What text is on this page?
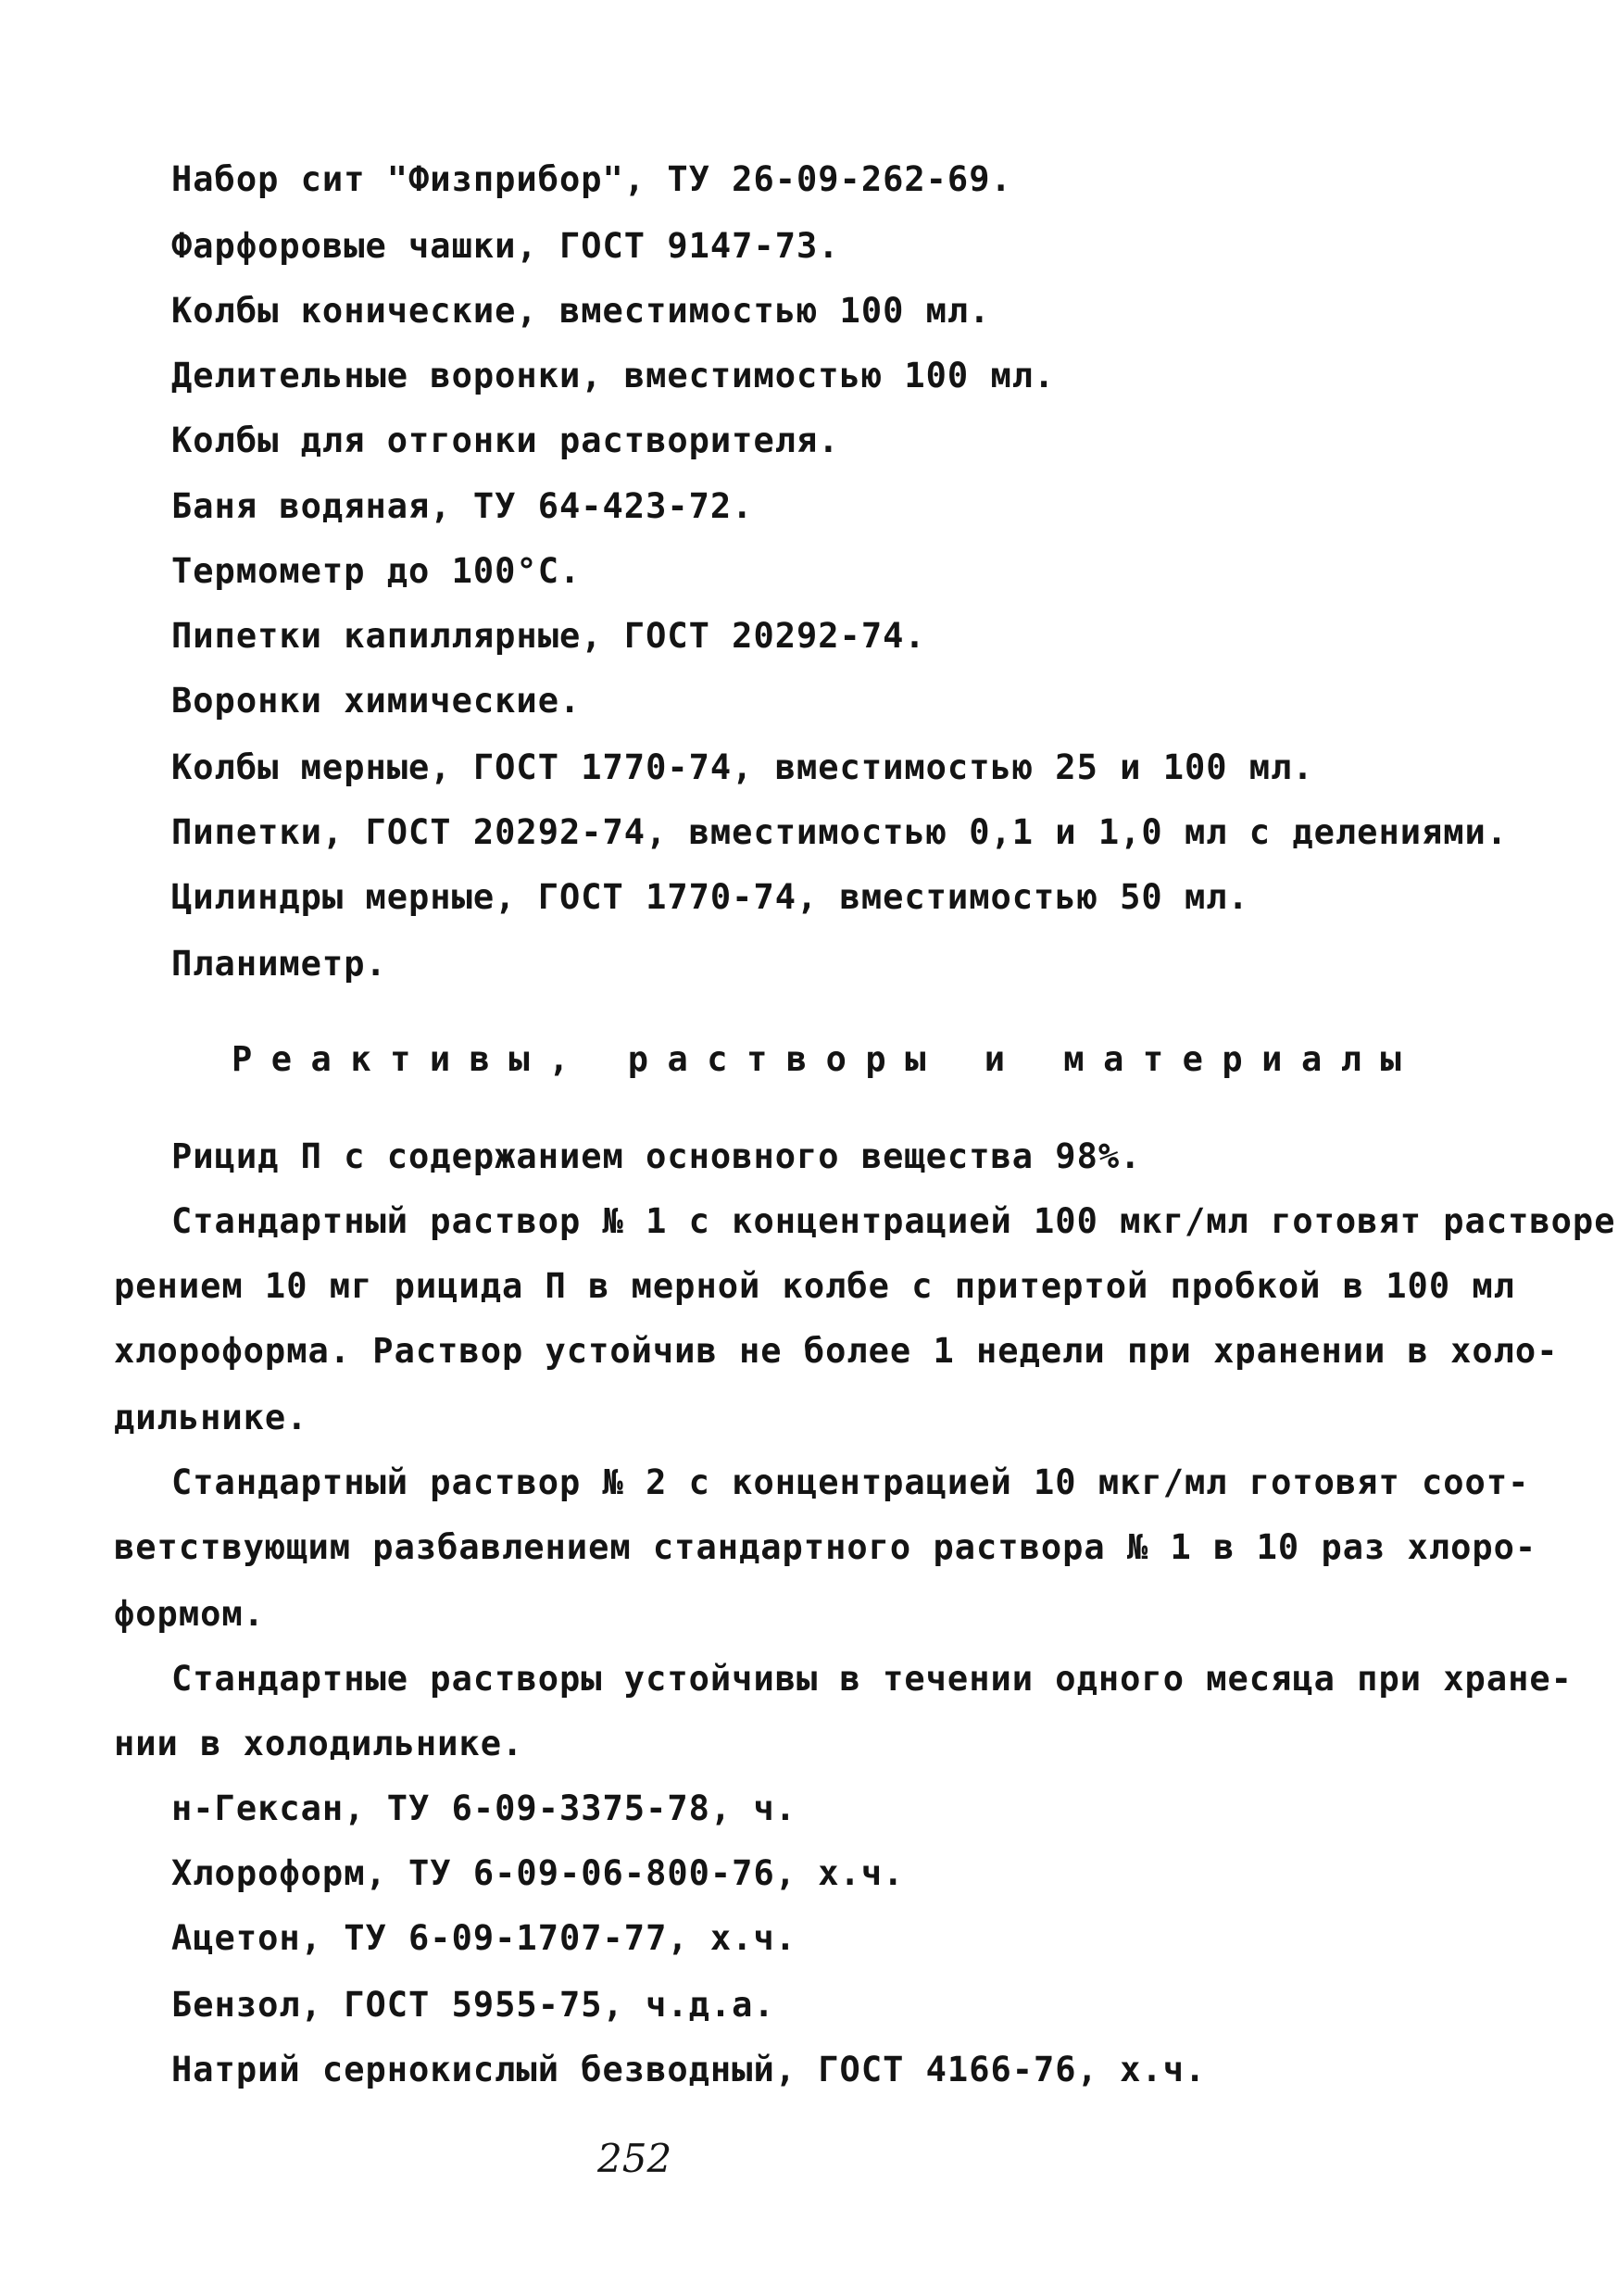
Набор сит "Физприбор", ТУ 26-09-262-69.
Фарфоровые чашки, ГОСТ 9147-73.
Колбы конические, вместимостью 100 мл.
Делительные воронки, вместимостью 100 мл.
Колбы для отгонки растворителя.
Баня водяная, ТУ 64-423-72.
Термометр до 100°С.
Пипетки капиллярные, ГОСТ 20292-74.
Воронки химические.
Колбы мерные, ГОСТ 1770-74, вместимостью 25 и 100 мл.
Пипетки, ГОСТ 20292-74, вместимостью 0,1 и 1,0 мл с делениями.
Цилиндры мерные, ГОСТ 1770-74, вместимостью 50 мл.
Планиметр.
Реактивы, растворы и материалы
Рицид П с содержанием основного вещества 98%.
Стандартный раствор № 1 с концентрацией 100 мкг/мл готовят раствоpe
рением 10 мг рицида П в мерной колбе с притертой пробкой в 100 мл
хлороформа. Раствор устойчив не более 1 недели при хранении в холо-
дильнике.
Стандартный раствор № 2 с концентрацией 10 мкг/мл готовят соот-
ветствующим разбавлением стандартного раствора № 1 в 10 раз хлоро-
формом.
Стандартные растворы устойчивы в течении одного месяца при хране-
нии в холодильнике.
н-Гексан, ТУ 6-09-3375-78, ч.
Хлороформ, ТУ 6-09-06-800-76, х.ч.
Ацетон, ТУ 6-09-1707-77, х.ч.
Бензол, ГОСТ 5955-75, ч.д.а.
Натрий сернокислый безводный, ГОСТ 4166-76, х.ч.
252
